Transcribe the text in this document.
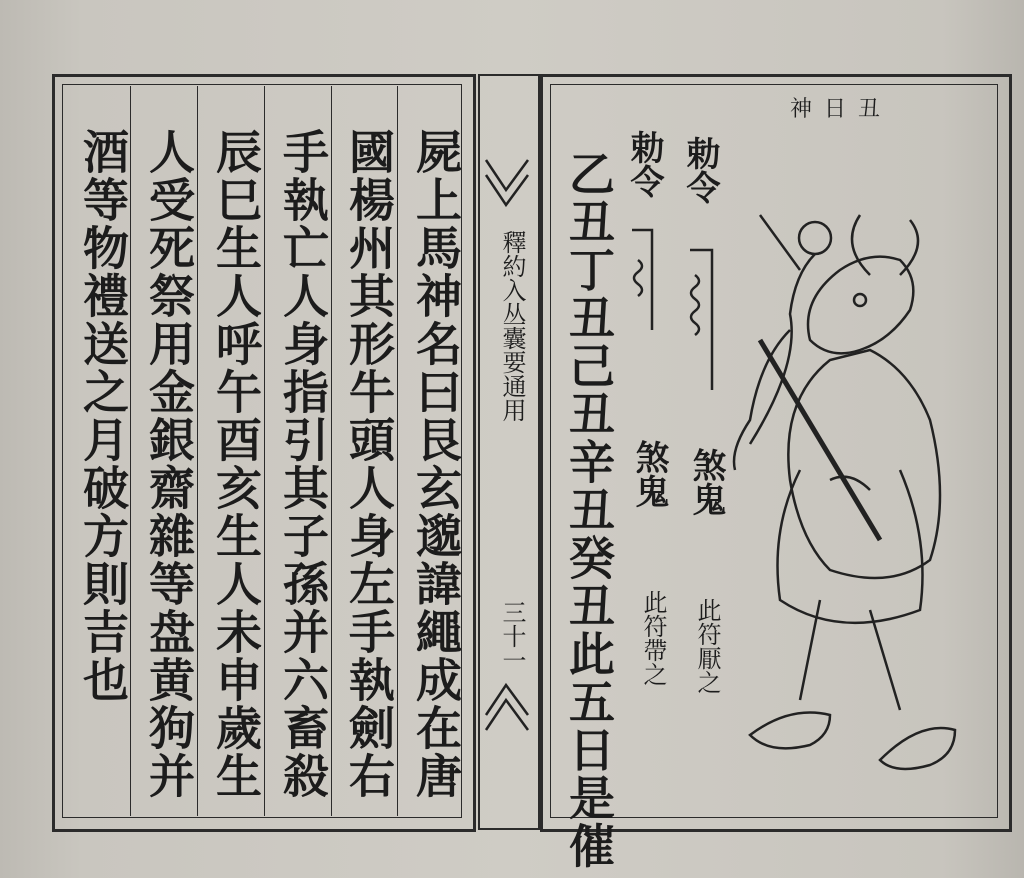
屍上馬神名曰艮玄邈諱繩成在唐
國楊州其形牛頭人身左手執劍右
手執亡人身指引其子孫并六畜殺
辰巳生人呼午酉亥生人未申歲生
人受死祭用金銀齋雜等盘黄狗并
酒等物禮送之月破方則吉也	釋約入丛囊要通用
三十一
丑日神
乙丑丁丑己丑辛丑癸丑此五日是催 勅令
勅令
煞鬼
煞鬼
此符厭之
此符帶之
